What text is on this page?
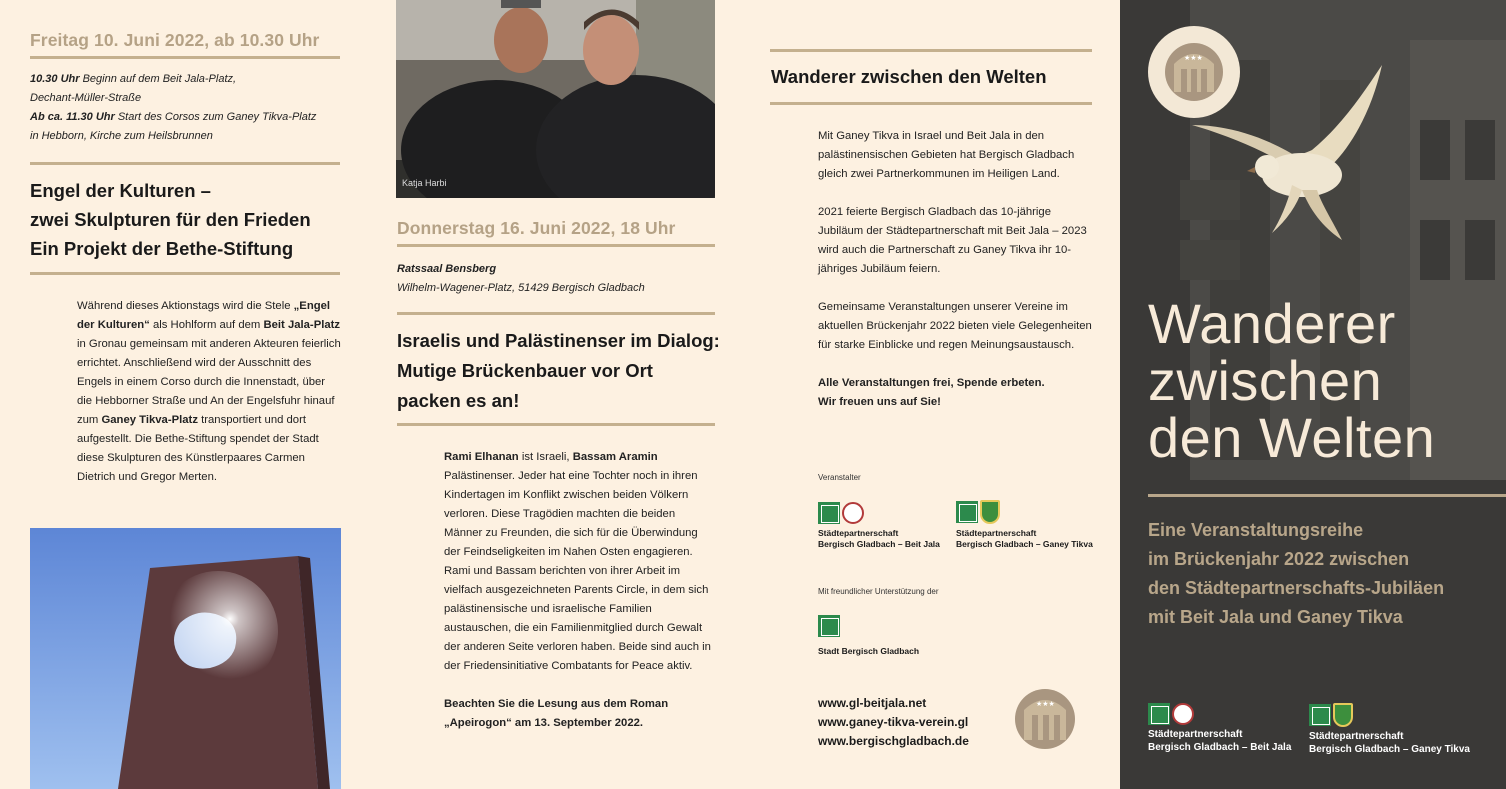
Freitag 10. Juni 2022, ab 10.30 Uhr
10.30 Uhr Beginn auf dem Beit Jala-Platz,
Dechant-Müller-Straße
Ab ca. 11.30 Uhr Start des Corsos zum Ganey Tikva-Platz
in Hebborn, Kirche zum Heilsbrunnen
Engel der Kulturen –
zwei Skulpturen für den Frieden
Ein Projekt der Bethe-Stiftung
Während dieses Aktionstags wird die Stele „Engel der Kulturen“ als Hohlform auf dem Beit Jala-Platz in Gronau gemeinsam mit anderen Akteuren feierlich errichtet. Anschließend wird der Ausschnitt des Engels in einem Corso durch die Innenstadt, über die Hebborner Straße und An der Engelsfuhr hinauf zum Ganey Tikva-Platz transportiert und dort aufgestellt. Die Bethe-Stiftung spendet der Stadt diese Skulpturen des Künstlerpaares Carmen Dietrich und Gregor Merten.
Katja Harbi
Donnerstag 16. Juni 2022, 18 Uhr
Ratssaal Bensberg
Wilhelm-Wagener-Platz, 51429 Bergisch Gladbach
Israelis und Palästinenser im Dialog:
Mutige Brückenbauer vor Ort
packen es an!
Rami Elhanan ist Israeli, Bassam Aramin Palästinenser. Jeder hat eine Tochter noch in ihren Kindertagen im Konflikt zwischen beiden Völkern verloren. Diese Tragödien machten die beiden Männer zu Freunden, die sich für die Überwindung der Feindseligkeiten im Nahen Osten engagieren. Rami und Bassam berichten von ihrer Arbeit im vielfach ausgezeichneten Parents Circle, in dem sich palästinensische und israelische Familien austauschen, die ein Familienmitglied durch Gewalt der anderen Seite verloren haben. Beide sind auch in der Friedensinitiative Combatants for Peace aktiv.
Beachten Sie die Lesung aus dem Roman „Apeirogon“ am 13. September 2022.
Wanderer zwischen den Welten
Mit Ganey Tikva in Israel und Beit Jala in den palästinensischen Gebieten hat Bergisch Gladbach gleich zwei Partnerkommunen im Heiligen Land.
2021 feierte Bergisch Gladbach das 10-jährige Jubiläum der Städtepartnerschaft mit Beit Jala – 2023 wird auch die Partnerschaft zu Ganey Tikva ihr 10-jähriges Jubiläum feiern.
Gemeinsame Veranstaltungen unserer Vereine im aktuellen Brückenjahr 2022 bieten viele Gelegenheiten für starke Einblicke und regen Meinungsaustausch.
Alle Veranstaltungen frei, Spende erbeten.
Wir freuen uns auf Sie!
Veranstalter
Städtepartnerschaft
Bergisch Gladbach – Beit Jala
Städtepartnerschaft
Bergisch Gladbach – Ganey Tikva
Mit freundlicher Unterstützung der
Stadt Bergisch Gladbach
www.gl-beitjala.net
www.ganey-tikva-verein.gl
www.bergischgladbach.de
★★★
★★★
Wanderer
zwischen
den Welten
Eine Veranstaltungsreihe
im Brückenjahr 2022 zwischen
den Städtepartnerschafts-Jubiläen
mit Beit Jala und Ganey Tikva
Städtepartnerschaft
Bergisch Gladbach – Beit Jala
Städtepartnerschaft
Bergisch Gladbach – Ganey Tikva
